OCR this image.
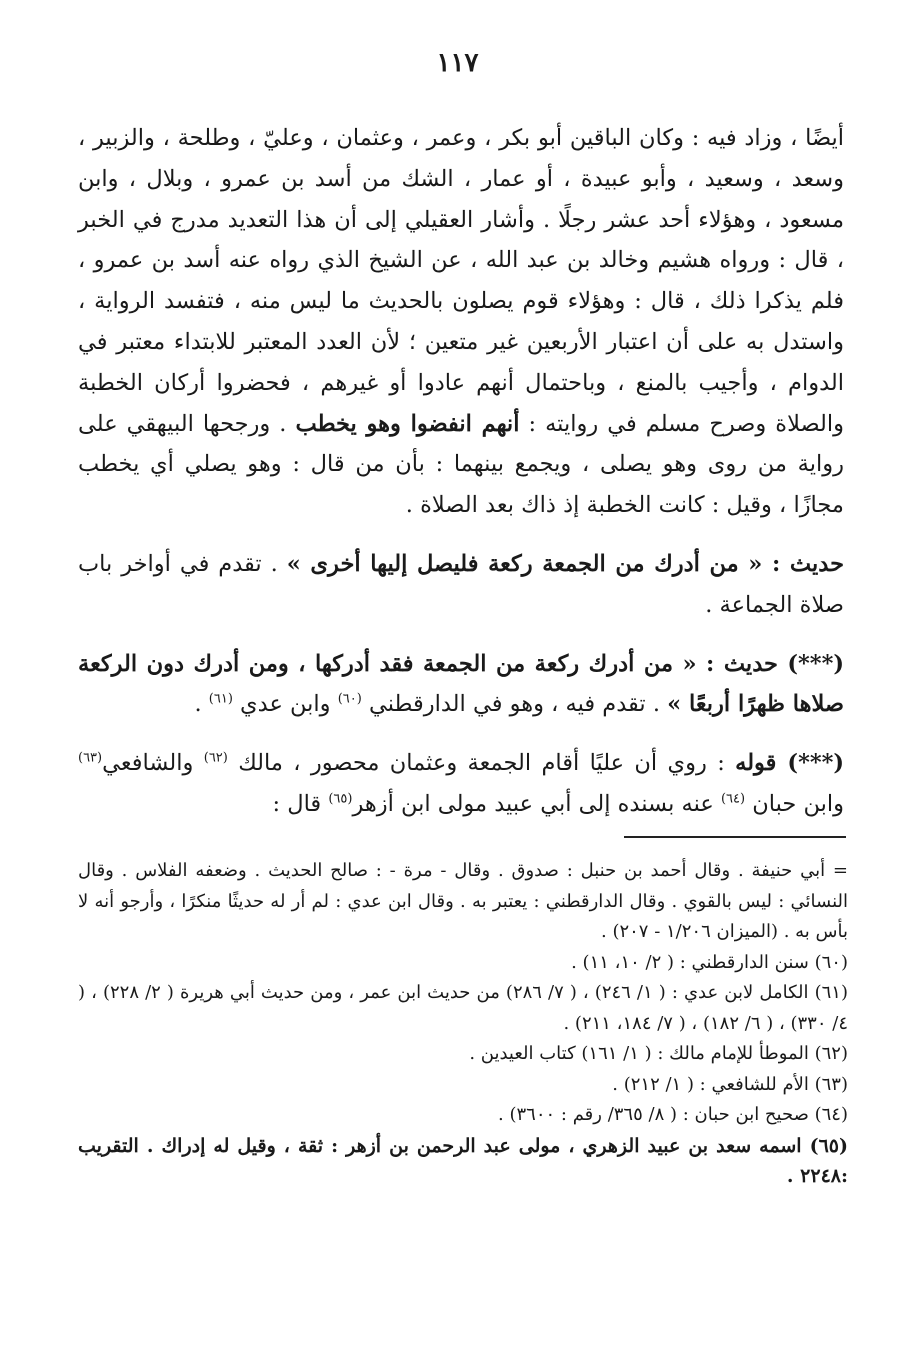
١١٧

أيضًا ، وزاد فيه : وكان الباقين أبو بكر ، وعمر ، وعثمان ، وعليّ ، وطلحة ، والزبير ، وسعد ، وسعيد ، وأبو عبيدة ، أو عمار ، الشك من أسد بن عمرو ، وبلال ، وابن مسعود ، وهؤلاء أحد عشر رجلًا . وأشار العقيلي إلى أن هذا التعديد مدرج في الخبر ، قال : ورواه هشيم وخالد بن عبد الله ، عن الشيخ الذي رواه عنه أسد بن عمرو ، فلم يذكرا ذلك ، قال : وهؤلاء قوم يصلون بالحديث ما ليس منه ، فتفسد الرواية ، واستدل به على أن اعتبار الأربعين غير متعين ؛ لأن العدد المعتبر للابتداء معتبر في الدوام ، وأجيب بالمنع ، وباحتمال أنهم عادوا أو غيرهم ، فحضروا أركان الخطبة والصلاة وصرح مسلم في روايته : أنهم انفضوا وهو يخطب . ورجحها البيهقي على رواية من روى وهو يصلى ، ويجمع بينهما : بأن من قال : وهو يصلي أي يخطب مجازًا ، وقيل : كانت الخطبة إذ ذاك بعد الصلاة .

حديث : « من أدرك من الجمعة ركعة فليصل إليها أخرى » . تقدم في أواخر باب صلاة الجماعة .

(***) حديث : « من أدرك ركعة من الجمعة فقد أدركها ، ومن أدرك دون الركعة صلاها ظهرًا أربعًا » . تقدم فيه ، وهو في الدارقطني $^{(٦٠)}$ وابن عدي $^{(٦١)}$ .

(***) قوله : روي أن عليًا أقام الجمعة وعثمان محصور ، مالك $^{(٦٢)}$ والشافعي$^{(٦٣)}$ وابن حبان $^{(٦٤)}$ عنه بسنده إلى أبي عبيد مولى ابن أزهر$^{(٦٥)}$ قال :

= أبي حنيفة . وقال أحمد بن حنبل : صدوق . وقال - مرة - : صالح الحديث . وضعفه الفلاس . وقال النسائي : ليس بالقوي . وقال الدارقطني : يعتبر به . وقال ابن عدي : لم أر له حديثًا منكرًا ، وأرجو أنه لا بأس به . (الميزان ١/٢٠٦ - ٢٠٧) .

(٦٠) سنن الدارقطني : ( ٢/ ١٠، ١١) .

(٦١) الكامل لابن عدي : ( ١/ ٢٤٦) ، ( ٧/ ٢٨٦) من حديث ابن عمر ، ومن حديث أبي هريرة ( ٢/ ٢٢٨) ، ( ٤/ ٣٣٠) ، ( ٦/ ١٨٢) ، ( ٧/ ١٨٤، ٢١١) .

(٦٢) الموطأ للإمام مالك : ( ١/ ١٦١) كتاب العيدين .

(٦٣) الأم للشافعي : ( ١/ ٢١٢) .

(٦٤) صحيح ابن حبان : ( ٨/ ٣٦٥/ رقم : ٣٦٠٠) .

(٦٥) اسمه سعد بن عبيد الزهري ، مولى عبد الرحمن بن أزهر : ثقة ، وقيل له إدراك . التقريب :٢٢٤٨ .
